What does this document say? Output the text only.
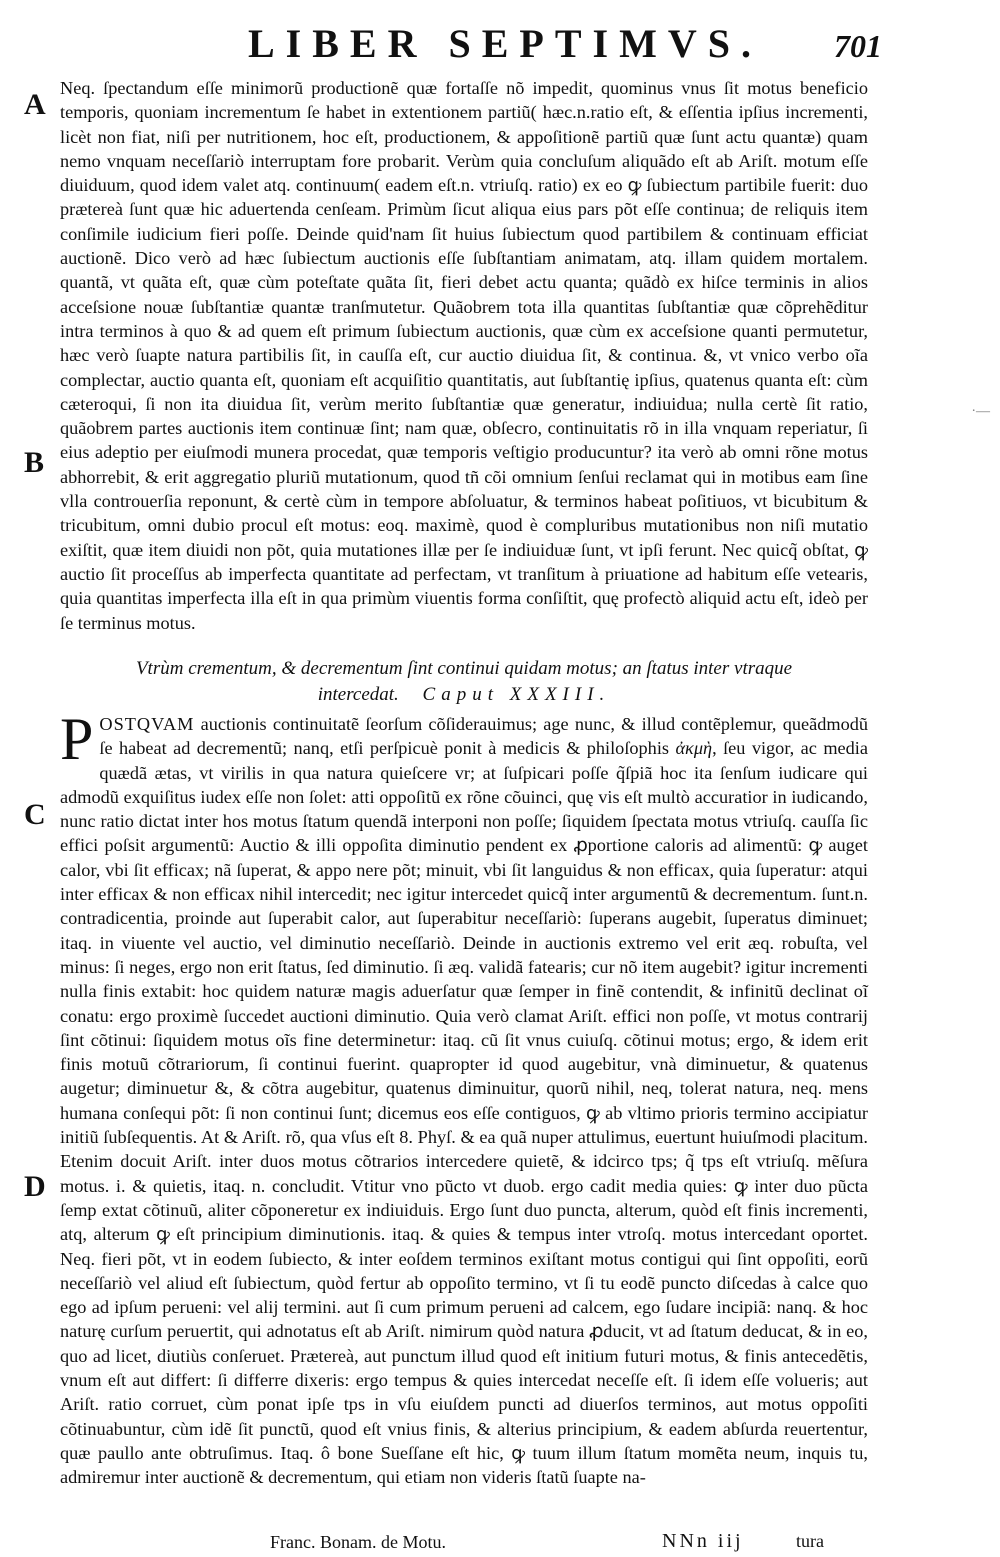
LIBER SEPTIMVS.	701
A
B
C
D

Neq. ſpectandum eſſe minimorũ productionẽ quæ fortaſſe nõ impedit, quominus vnus ſit motus beneficio temporis, quoniam incrementum ſe habet in extentionem partiũ( hæc.n.ratio eſt, & eſſentia ipſius incrementi, licèt non fiat, niſi per nutritionem, hoc eſt, productionem, & appoſitionẽ partiũ quæ ſunt actu quantæ) quam nemo vnquam neceſſariò interruptam fore probarit. Verùm quia concluſum aliquãdo eſt ab Ariſt. motum eſſe diuiduum, quod idem valet atq. continuum( eadem eſt.n. vtriuſq. ratio) ex eo ꝙ ſubiectum partibile fuerit: duo prætereà ſunt quæ hic aduertenda cenſeam. Primùm ſicut aliqua eius pars põt eſſe continua; de reliquis item conſimile iudicium fieri poſſe. Deinde quid'nam ſit huius ſubiectum quod partibilem & continuam efficiat auctionẽ. Dico verò ad hæc ſubiectum auctionis eſſe ſubſtantiam animatam, atq. illam quidem mortalem. quantã, vt quãta eſt, quæ cùm poteſtate quãta ſit, fieri debet actu quanta; quãdò ex hiſce terminis in alios acceſsione nouæ ſubſtantiæ quantæ tranſmutetur. Quãobrem tota illa quantitas ſubſtantiæ quæ cõprehẽditur intra terminos à quo & ad quem eſt primum ſubiectum auctionis, quæ cùm ex acceſsione quanti permutetur, hæc verò ſuapte natura partibilis ſit, in cauſſa eſt, cur auctio diuidua ſit, & continua. &, vt vnico verbo oĩa complectar, auctio quanta eſt, quoniam eſt acquiſitio quantitatis, aut ſubſtantię ipſius, quatenus quanta eſt: cùm cæteroqui, ſi non ita diuidua ſit, verùm merito ſubſtantiæ quæ generatur, indiuidua; nulla certè ſit ratio, quãobrem partes auctionis item continuæ ſint; nam quæ, obſecro, continuitatis rõ in illa vnquam reperiatur, ſi eius adeptio per eiuſmodi munera procedat, quæ temporis veſtigio producuntur? ita verò ab omni rõne motus abhorrebit, & erit aggregatio pluriũ mutationum, quod tñ cõi omnium ſenſui reclamat qui in motibus eam ſine vlla controuerſia reponunt, & certè cùm in tempore abſoluatur, & terminos habeat poſitiuos, vt bicubitum & tricubitum, omni dubio procul eſt motus: eoq. maximè, quod è compluribus mutationibus non niſi mutatio exiſtit, quæ item diuidi non põt, quia mutationes illæ per ſe indiuiduæ ſunt, vt ipſi ferunt. Nec quicq̃ obſtat, ꝙ auctio ſit proceſſus ab imperfecta quantitate ad perfectam, vt tranſitum à priuatione ad habitum eſſe vetearis, quia quantitas imperfecta illa eſt in qua primùm viuentis forma conſiſtit, quę profectò aliquid actu eſt, ideò per ſe terminus motus.

Vtrùm crementum, & decrementum ſint continui quidam motus; an ſtatus inter vtraque
intercedat. Caput XXXIII.

POSTQVAM auctionis continuitatẽ ſeorſum cõſiderauimus; age nunc, & illud contẽplemur, queãdmodũ ſe habeat ad decrementũ; nanq, etſi perſpicuè ponit à medicis & philoſophis ἀκμὴ, ſeu vigor, ac media quædã ætas, vt virilis in qua natura quieſcere vr; at ſuſpicari poſſe q̃ſpiã hoc ita ſenſum iudicare qui admodũ exquiſitus iudex eſſe non ſolet: atti oppoſitũ ex rõne cõuinci, quę vis eſt multò accuratior in iudicando, nunc ratio dictat inter hos motus ſtatum quendã interponi non poſſe; ſiquidem ſpectata motus vtriuſq. cauſſa ſic effici poſsit argumentũ: Auctio & illi oppoſita diminutio pendent ex ꝓportione caloris ad alimentũ: ꝙ auget calor, vbi ſit efficax; nã ſuperat, & appo nere põt; minuit, vbi ſit languidus & non efficax, quia ſuperatur: atqui inter efficax & non efficax nihil intercedit; nec igitur intercedet quicq̃ inter argumentũ & decrementum. ſunt.n. contradicentia, proinde aut ſuperabit calor, aut ſuperabitur neceſſariò: ſuperans augebit, ſuperatus diminuet; itaq. in viuente vel auctio, vel diminutio neceſſariò. Deinde in auctionis extremo vel erit æq. robuſta, vel minus: ſi neges, ergo non erit ſtatus, ſed diminutio. ſi æq. validã fatearis; cur nõ item augebit? igitur incrementi nulla finis extabit: hoc quidem naturæ magis aduerſatur quæ ſemper in finẽ contendit, & infinitũ declinat oĩ conatu: ergo proximè ſuccedet auctioni diminutio. Quia verò clamat Ariſt. effici non poſſe, vt motus contrarij ſint cõtinui: ſiquidem motus oĩs fine determinetur: itaq. cũ ſit vnus cuiuſq. cõtinui motus; ergo, & idem erit finis motuũ cõtrariorum, ſi continui fuerint. quapropter id quod augebitur, vnà diminuetur, & quatenus augetur; diminuetur &, & cõtra augebitur, quatenus diminuitur, quorũ nihil, neq, tolerat natura, neq. mens humana conſequi põt: ſi non continui ſunt; dicemus eos eſſe contiguos, ꝙ ab vltimo prioris termino accipiatur initiũ ſubſequentis. At & Ariſt. rõ, qua vſus eſt 8. Phyſ. & ea quã nuper attulimus, euertunt huiuſmodi placitum. Etenim docuit Ariſt. inter duos motus cõtrarios intercedere quietẽ, & idcirco tps; q̃ tps eſt vtriuſq. mẽſura motus. i. & quietis, itaq. n. concludit. Vtitur vno pũcto vt duob. ergo cadit media quies: ꝙ inter duo pũcta ſemp extat cõtinuũ, aliter cõponeretur ex indiuiduis. Ergo ſunt duo puncta, alterum, quòd eſt finis incrementi, atq, alterum ꝙ eſt principium diminutionis. itaq. & quies & tempus inter vtroſq. motus intercedant oportet. Neq. fieri põt, vt in eodem ſubiecto, & inter eoſdem terminos exiſtant motus contigui qui ſint oppoſiti, eorũ neceſſariò vel aliud eſt ſubiectum, quòd fertur ab oppoſito termino, vt ſi tu eodẽ puncto diſcedas à calce quo ego ad ipſum perueni: vel alij termini. aut ſi cum primum perueni ad calcem, ego ſudare incipiã: nanq. & hoc naturę curſum peruertit, qui adnotatus eſt ab Ariſt. nimirum quòd natura ꝓducit, vt ad ſtatum deducat, & in eo, quo ad licet, diutiùs conſeruet. Prætereà, aut punctum illud quod eſt initium futuri motus, & finis antecedẽtis, vnum eſt aut differt: ſi differre dixeris: ergo tempus & quies intercedat neceſſe eſt. ſi idem eſſe volueris; aut Ariſt. ratio corruet, cùm ponat ipſe tps in vſu eiuſdem puncti ad diuerſos terminos, aut motus oppoſiti cõtinuabuntur, cùm idẽ ſit punctũ, quod eſt vnius finis, & alterius principium, & eadem abſurda reuertentur, quæ paullo ante obtruſimus. Itaq. ô bone Sueſſane eſt hic, ꝙ tuum illum ſtatum momẽta neum, inquis tu, admiremur inter auctionẽ & decrementum, qui etiam non videris ſtatũ ſuapte na-

Franc. Bonam. de Motu.	NNn iij	tura
·—
